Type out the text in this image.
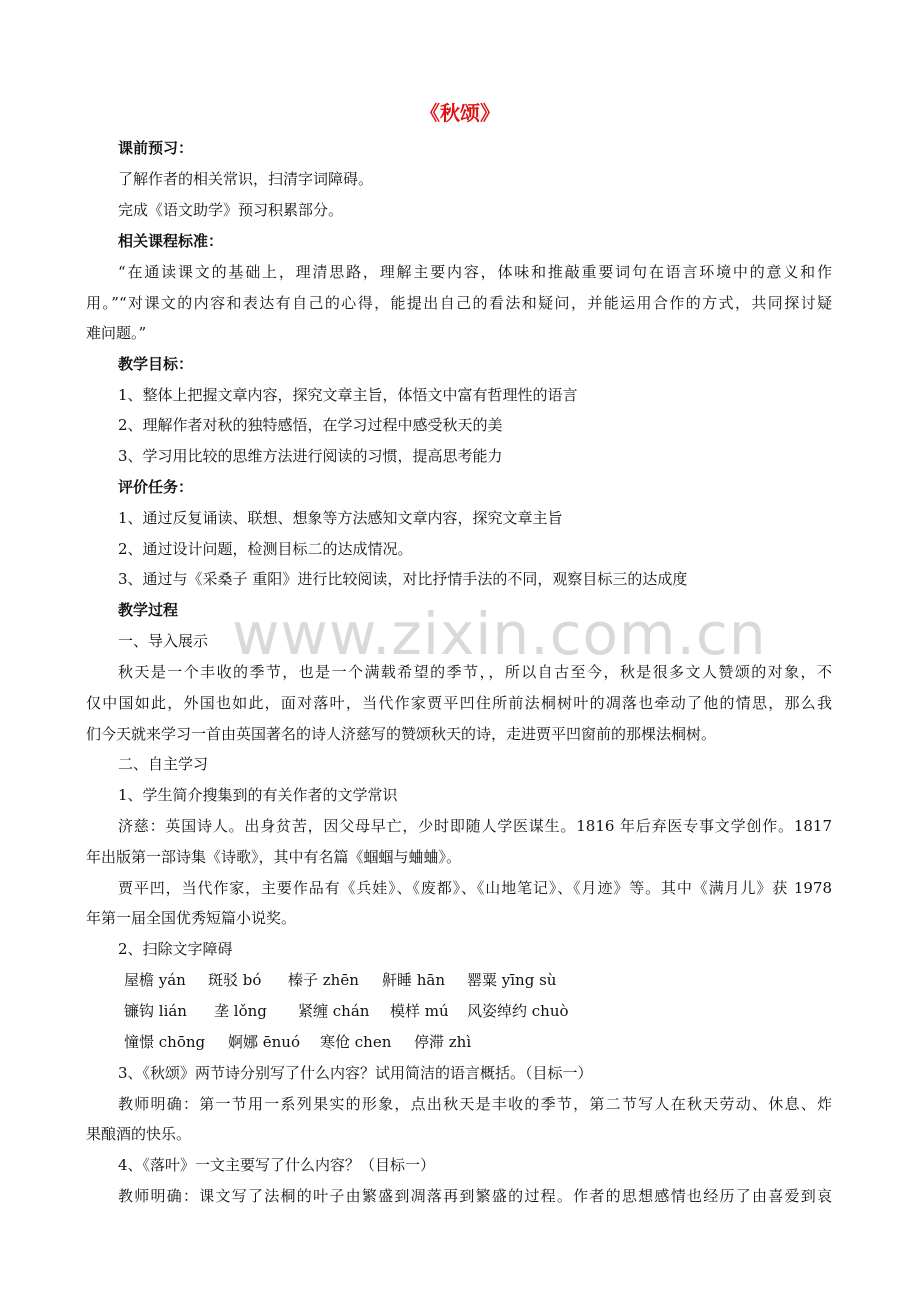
www.zixin.com.cn
《秋颂》
课前预习：
了解作者的相关常识，扫清字词障碍。
完成《语文助学》预习积累部分。
相关课程标准：
“在通读课文的基础上，理清思路，理解主要内容，体味和推敲重要词句在语言环境中的意义和作
用。”“对课文的内容和表达有自己的心得，能提出自己的看法和疑问，并能运用合作的方式，共同探讨疑
难问题。”
教学目标：
1、整体上把握文章内容，探究文章主旨，体悟文中富有哲理性的语言
2、理解作者对秋的独特感悟，在学习过程中感受秋天的美
3、学习用比较的思维方法进行阅读的习惯，提高思考能力
评价任务：
1、通过反复诵读、联想、想象等方法感知文章内容，探究文章主旨
2、通过设计问题，检测目标二的达成情况。
3、通过与《采桑子 重阳》进行比较阅读，对比抒情手法的不同，观察目标三的达成度
教学过程
一、导入展示
秋天是一个丰收的季节，也是一个满载希望的季节，，所以自古至今，秋是很多文人赞颂的对象，不
仅中国如此，外国也如此，面对落叶，当代作家贾平凹住所前法桐树叶的凋落也牵动了他的情思，那么我
们今天就来学习一首由英国著名的诗人济慈写的赞颂秋天的诗，走进贾平凹窗前的那棵法桐树。
二、自主学习
1、学生简介搜集到的有关作者的文学常识
济慈：英国诗人。出身贫苦，因父母早亡，少时即随人学医谋生。1816 年后弃医专事文学创作。1817
年出版第一部诗集《诗歌》，其中有名篇《蝈蝈与蛐蛐》。
贾平凹，当代作家，主要作品有《兵娃》、《废都》、《山地笔记》、《月迹》等。其中《满月儿》获 1978
年第一届全国优秀短篇小说奖。
2、扫除文字障碍
屋檐 yán 斑驳 bó 榛子 zhēn 鼾睡 hān 罂粟 yīng sù
镰钩 lián 垄 lǒng 紧缠 chán 模样 mú 风姿绰约 chuò
憧憬 chōng 婀娜 ēnuó 寒伧 chen 停滞 zhì
3、《秋颂》两节诗分别写了什么内容？试用简洁的语言概括。（目标一）
教师明确：第一节用一系列果实的形象，点出秋天是丰收的季节，第二节写人在秋天劳动、休息、炸
果酿酒的快乐。
4、《落叶》一文主要写了什么内容？（目标一）
教师明确：课文写了法桐的叶子由繁盛到凋落再到繁盛的过程。作者的思想感情也经历了由喜爱到哀
